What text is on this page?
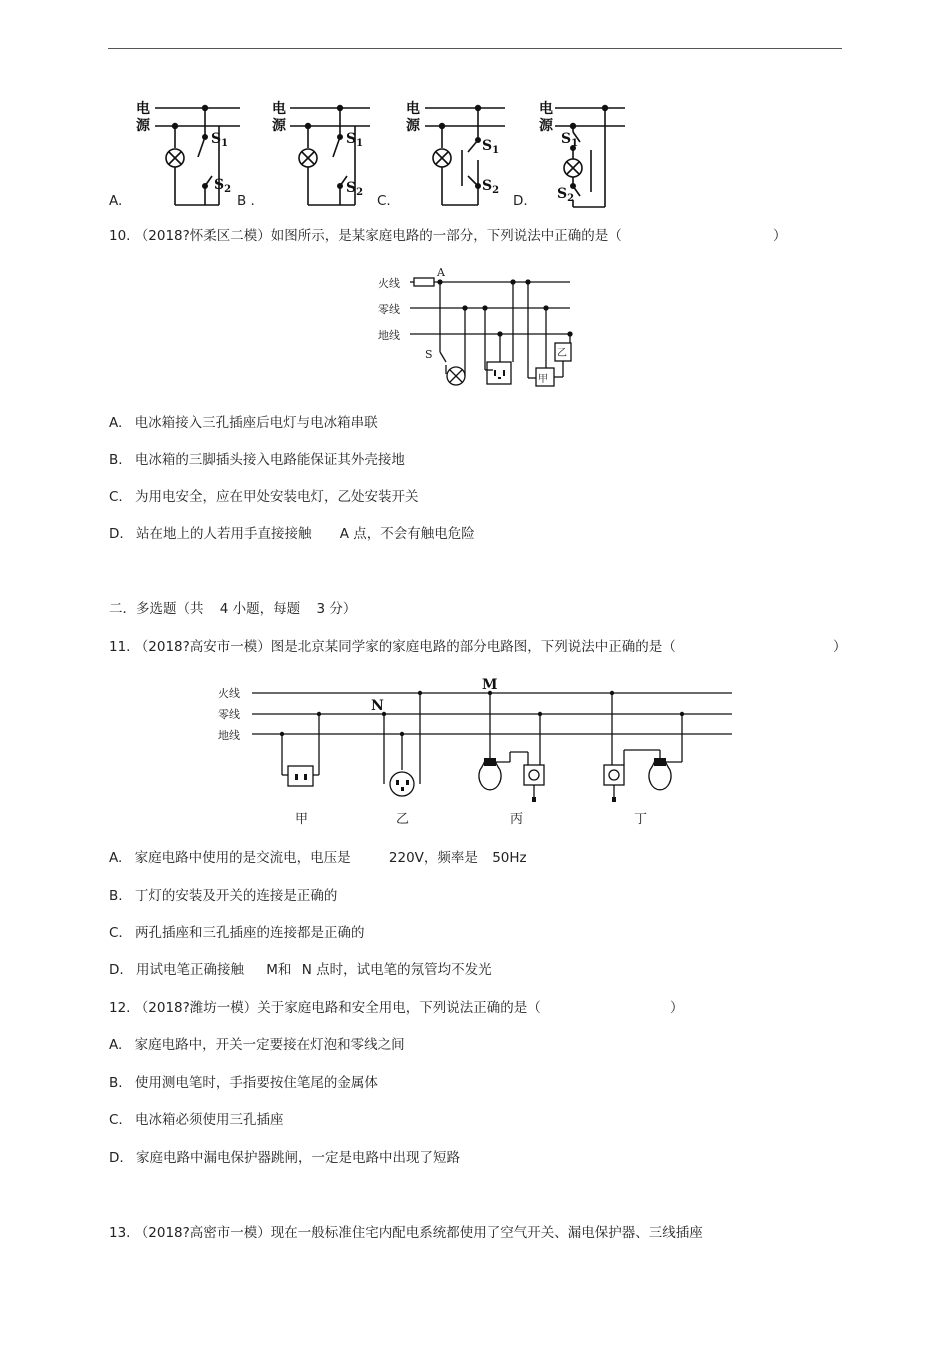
电
源
电
源
电
源
电
源
$S_1$
$S_2$
$S_1$
$S_2$
$S_1$
$S_2$
$S_1$
$S_2$
A.	B .	C.	D.
10. （2018?怀柔区二模）如图所示，是某家庭电路的一部分，下列说法中正确的是（	）
火线
零线
地线
A
S
甲
乙
A. 电冰箱接入三孔插座后电灯与电冰箱串联
B. 电冰箱的三脚插头接入电路能保证其外壳接地
C. 为用电安全，应在甲处安装电灯，乙处安装开关
D. 站在地上的人若用手直接接触 A 点，不会有触电危险
二．多选题（共 4 小题，每题 3 分）
11. （2018?高安市一模）图是北京某同学家的家庭电路的部分电路图，下列说法中正确的是（	）
火线
零线
地线
M
N
甲	乙	丙	丁
A. 家庭电路中使用的是交流电，电压是	220V，频率是 50Hz
B. 丁灯的安装及开关的连接是正确的
C. 两孔插座和三孔插座的连接都是正确的
D. 用试电笔正确接触 M和 N 点时，试电笔的氖管均不发光
12. （2018?潍坊一模）关于家庭电路和安全用电，下列说法正确的是（	）
A. 家庭电路中，开关一定要接在灯泡和零线之间
B. 使用测电笔时，手指要按住笔尾的金属体
C. 电冰箱必须使用三孔插座
D. 家庭电路中漏电保护器跳闸，一定是电路中出现了短路
13. （2018?高密市一模）现在一般标准住宅内配电系统都使用了空气开关、漏电保护器、三线插座
